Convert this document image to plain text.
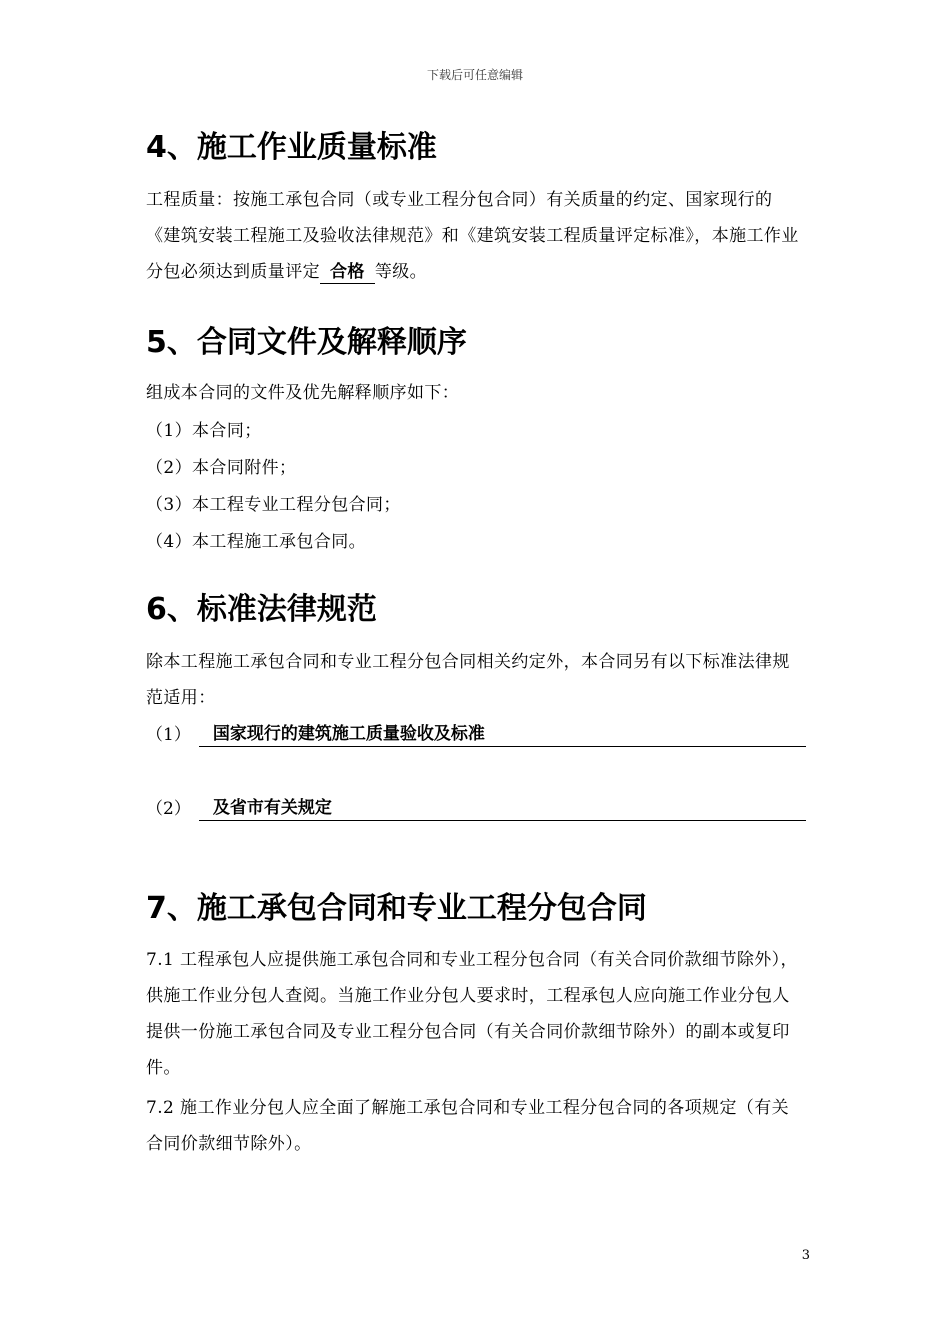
下载后可任意编辑
4、施工作业质量标准

工程质量：按施工承包合同（或专业工程分包合同）有关质量的约定、国家现行的《建筑安装工程施工及验收法律规范》和《建筑安装工程质量评定标准》，本施工作业分包必须达到质量评定 合格 等级。

5、合同文件及解释顺序

组成本合同的文件及优先解释顺序如下：

（1）本合同；

（2）本合同附件；

（3）本工程专业工程分包合同；

（4）本工程施工承包合同。

6、标准法律规范

除本工程施工承包合同和专业工程分包合同相关约定外，本合同另有以下标准法律规范适用：

（1）	国家现行的建筑施工质量验收及标准
（2）	及省市有关规定
7、施工承包合同和专业工程分包合同

7.1 工程承包人应提供施工承包合同和专业工程分包合同（有关合同价款细节除外），供施工作业分包人查阅。当施工作业分包人要求时，工程承包人应向施工作业分包人提供一份施工承包合同及专业工程分包合同（有关合同价款细节除外）的副本或复印件。

7.2 施工作业分包人应全面了解施工承包合同和专业工程分包合同的各项规定（有关合同价款细节除外）。

3
